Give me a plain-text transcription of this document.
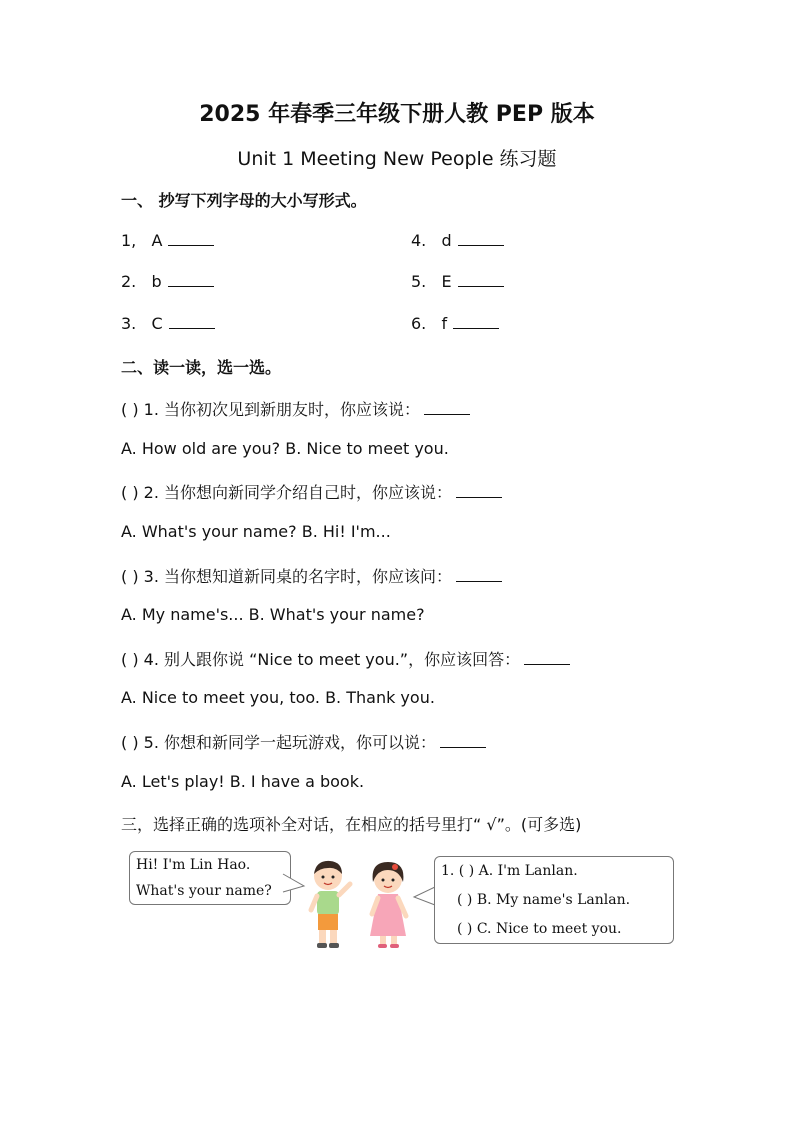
2025 年春季三年级下册人教 PEP 版本
Unit 1 Meeting New People 练习题
一、 抄写下列字母的大小写形式。
1, A
2. b
3. C
4. d
5. E
6. f
二、读一读，选一选。
( ) 1. 当你初次见到新朋友时，你应该说：
A. How old are you? B. Nice to meet you.
( ) 2. 当你想向新同学介绍自己时，你应该说：
A. What's your name? B. Hi! I'm...
( ) 3. 当你想知道新同桌的名字时，你应该问：
A. My name's... B. What's your name?
( ) 4. 别人跟你说 “Nice to meet you.”，你应该回答：
A. Nice to meet you, too. B. Thank you.
( ) 5. 你想和新同学一起玩游戏，你可以说：
A. Let's play! B. I have a book.
三，选择正确的选项补全对话，在相应的括号里打“ √”。(可多选)
Hi! I'm Lin Hao.
What's your name?
1. ( ) A. I'm Lanlan.
( ) B. My name's Lanlan.
( ) C. Nice to meet you.
